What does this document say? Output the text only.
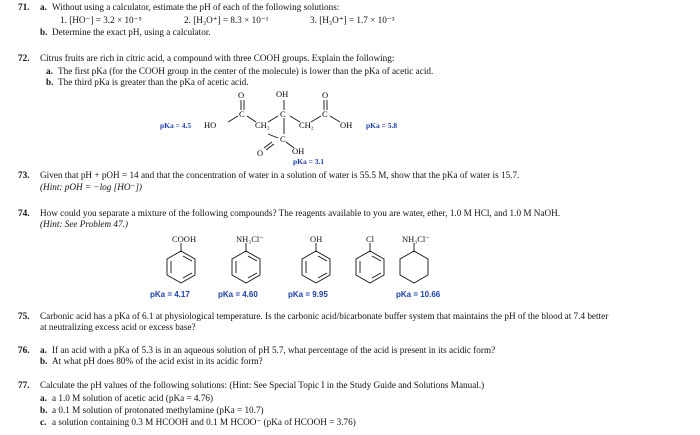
71. a. Without using a calculator, estimate the pH of each of the following solutions:
1. [HO⁻] = 3.2 × 10⁻⁵	2. [H₃O⁺] = 8.3 × 10⁻¹	3. [H₃O⁺] = 1.7 × 10⁻³
b. Determine the exact pH, using a calculator.
72. Citrus fruits are rich in citric acid, a compound with three COOH groups. Explain the following:
a. The first pKa (for the COOH group in the center of the molecule) is lower than the pKa of acetic acid.
b. The third pKa is greater than the pKa of acetic acid.
O
C
HO	CH₂
OH
C
CH₂
O
C
OH
C
O	OH
pKa = 4.5	pKa = 5.8
pKa = 3.1
73. Given that pH + pOH = 14 and that the concentration of water in a solution of water is 55.5 M, show that the pKa of water is 15.7.
(Hint: pOH = −log [HO⁻])
74. How could you separate a mixture of the following compounds? The reagents available to you are water, ether, 1.0 M HCl, and 1.0 M NaOH.
(Hint: See Problem 47.)
COOH	NH₃Cl⁻	OH	Cl	NH₃Cl⁻
pKa = 4.17	pKa = 4.60	pKa = 9.95	pKa = 10.66
75. Carbonic acid has a pKa of 6.1 at physiological temperature. Is the carbonic acid/bicarbonate buffer system that maintains the pH of the blood at 7.4 better
at neutralizing excess acid or excess base?
76. a. If an acid with a pKa of 5.3 is in an aqueous solution of pH 5.7, what percentage of the acid is present in its acidic form?
b. At what pH does 80% of the acid exist in its acidic form?
77. Calculate the pH values of the following solutions: (Hint: See Special Topic I in the Study Guide and Solutions Manual.)
a. a 1.0 M solution of acetic acid (pKa = 4.76)
b. a 0.1 M solution of protonated methylamine (pKa = 10.7)
c. a solution containing 0.3 M HCOOH and 0.1 M HCOO⁻ (pKa of HCOOH = 3.76)
